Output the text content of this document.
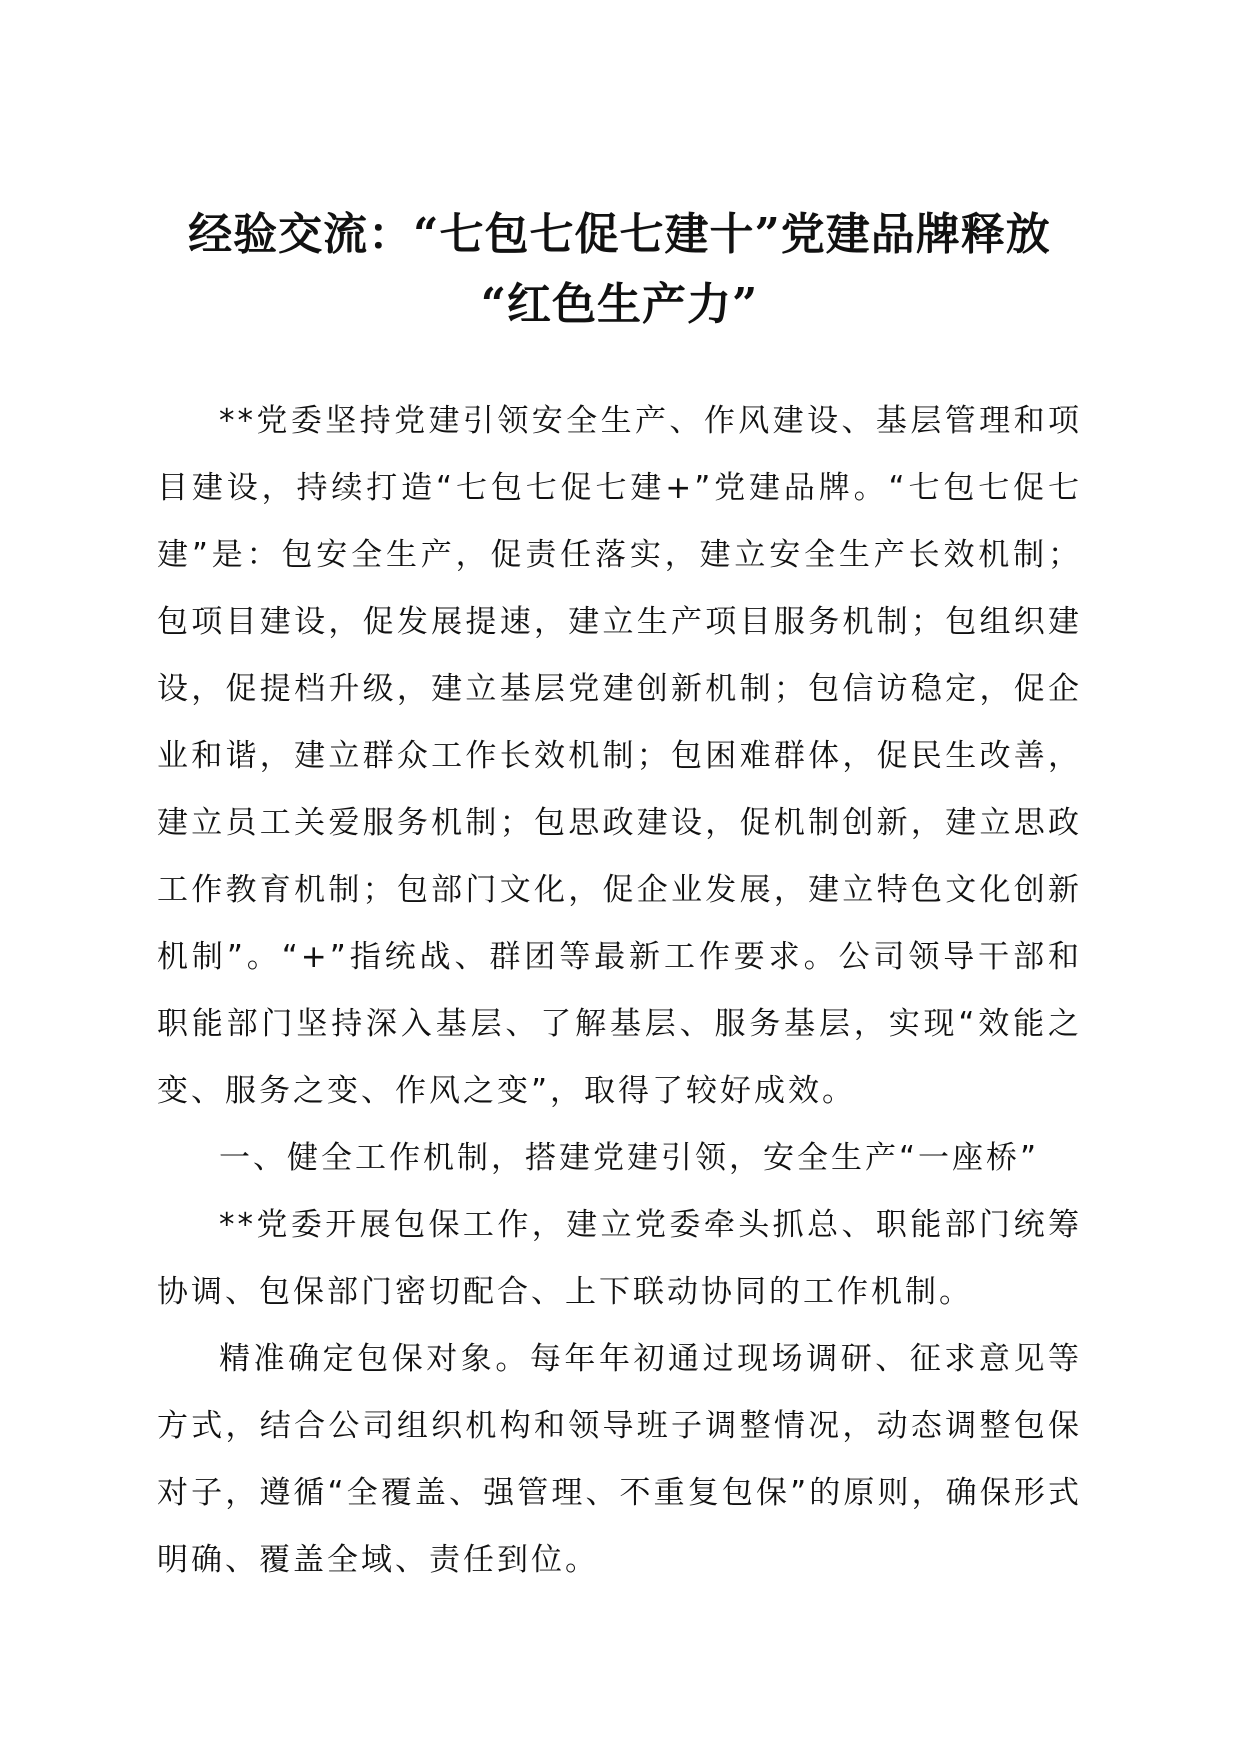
经验交流：“七包七促七建十”党建品牌释放
“红色生产力”

**党委坚持党建引领安全生产、作风建设、基层管理和项目建设，持续打造“七包七促七建+”党建品牌。“七包七促七建”是：包安全生产，促责任落实，建立安全生产长效机制；包项目建设，促发展提速，建立生产项目服务机制；包组织建设，促提档升级，建立基层党建创新机制；包信访稳定，促企业和谐，建立群众工作长效机制；包困难群体，促民生改善，建立员工关爱服务机制；包思政建设，促机制创新，建立思政工作教育机制；包部门文化，促企业发展，建立特色文化创新机制”。“+”指统战、群团等最新工作要求。公司领导干部和职能部门坚持深入基层、了解基层、服务基层，实现“效能之变、服务之变、作风之变”，取得了较好成效。

一、健全工作机制，搭建党建引领，安全生产“一座桥”

**党委开展包保工作，建立党委牵头抓总、职能部门统筹协调、包保部门密切配合、上下联动协同的工作机制。

精准确定包保对象。每年年初通过现场调研、征求意见等方式，结合公司组织机构和领导班子调整情况，动态调整包保对子，遵循“全覆盖、强管理、不重复包保”的原则，确保形式明确、覆盖全域、责任到位。
